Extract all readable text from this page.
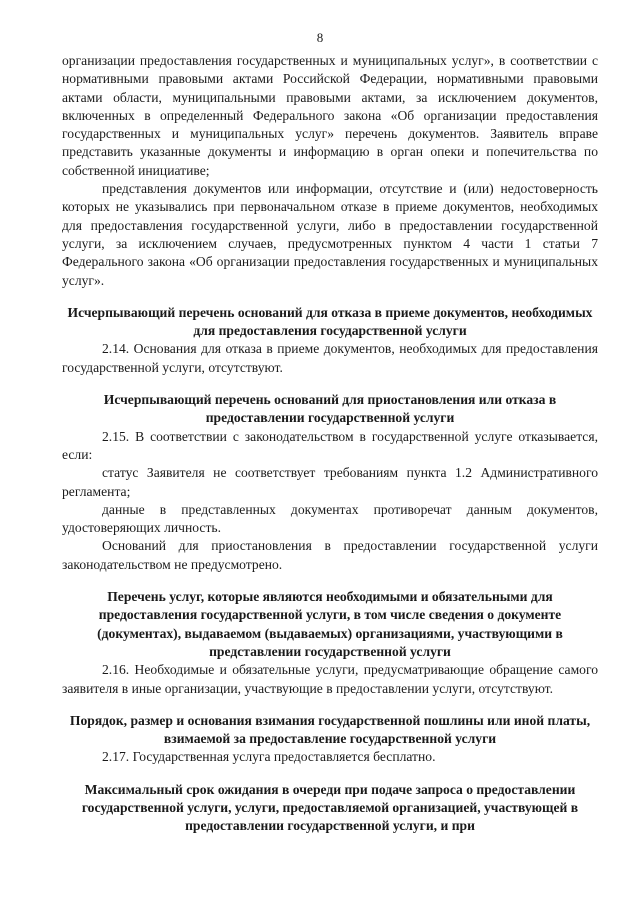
8

организации предоставления государственных и муниципальных услуг», в соответствии с нормативными правовыми актами Российской Федерации, нормативными правовыми актами области, муниципальными правовыми актами, за исключением документов, включенных в определенный Федерального закона «Об организации предоставления государственных и муниципальных услуг» перечень документов. Заявитель вправе представить указанные документы и информацию в орган опеки и попечительства по собственной инициативе;

представления документов или информации, отсутствие и (или) недостоверность которых не указывались при первоначальном отказе в приеме документов, необходимых для предоставления государственной услуги, либо в предоставлении государственной услуги, за исключением случаев, предусмотренных пунктом 4 части 1 статьи 7 Федерального закона «Об организации предоставления государственных и муниципальных услуг».

Исчерпывающий перечень оснований для отказа в приеме документов, необходимых для предоставления государственной услуги

2.14. Основания для отказа в приеме документов, необходимых для предоставления государственной услуги, отсутствуют.

Исчерпывающий перечень оснований для приостановления или отказа в предоставлении государственной услуги

2.15. В соответствии с законодательством в государственной услуге отказывается, если:

статус Заявителя не соответствует требованиям пункта 1.2 Административного регламента;

данные в представленных документах противоречат данным документов, удостоверяющих личность.

Оснований для приостановления в предоставлении государственной услуги законодательством не предусмотрено.

Перечень услуг, которые являются необходимыми и обязательными для предоставления государственной услуги, в том числе сведения о документе (документах), выдаваемом (выдаваемых) организациями, участвующими в представлении государственной услуги

2.16. Необходимые и обязательные услуги, предусматривающие обращение самого заявителя в иные организации, участвующие в предоставлении услуги, отсутствуют.

Порядок, размер и основания взимания государственной пошлины или иной платы, взимаемой за предоставление государственной услуги

2.17. Государственная услуга предоставляется бесплатно.

Максимальный срок ожидания в очереди при подаче запроса о предоставлении государственной услуги, услуги, предоставляемой организацией, участвующей в предоставлении государственной услуги, и при
